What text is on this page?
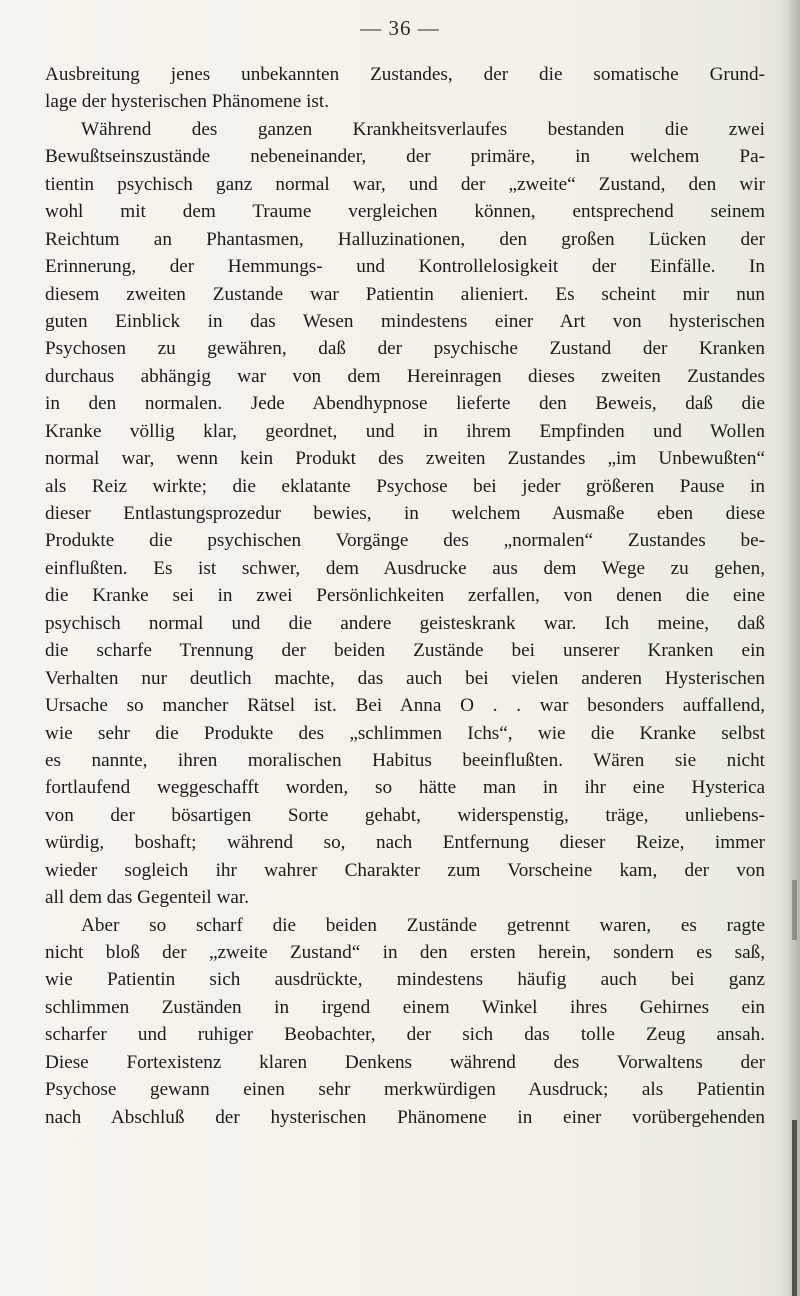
— 36 —
Ausbreitung jenes unbekannten Zustandes, der die somatische Grund-
lage der hysterischen Phänomene ist.
Während des ganzen Krankheitsverlaufes bestanden die zwei
Bewußtseinszustände nebeneinander, der primäre, in welchem Pa-
tientin psychisch ganz normal war, und der „zweite“ Zustand, den wir
wohl mit dem Traume vergleichen können, entsprechend seinem
Reichtum an Phantasmen, Halluzinationen, den großen Lücken der
Erinnerung, der Hemmungs- und Kontrollelosigkeit der Einfälle. In
diesem zweiten Zustande war Patientin alieniert. Es scheint mir nun
guten Einblick in das Wesen mindestens einer Art von hysterischen
Psychosen zu gewähren, daß der psychische Zustand der Kranken
durchaus abhängig war von dem Hereinragen dieses zweiten Zustandes
in den normalen. Jede Abendhypnose lieferte den Beweis, daß die
Kranke völlig klar, geordnet, und in ihrem Empfinden und Wollen
normal war, wenn kein Produkt des zweiten Zustandes „im Unbewußten“
als Reiz wirkte; die eklatante Psychose bei jeder größeren Pause in
dieser Entlastungsprozedur bewies, in welchem Ausmaße eben diese
Produkte die psychischen Vorgänge des „normalen“ Zustandes be-
einflußten. Es ist schwer, dem Ausdrucke aus dem Wege zu gehen,
die Kranke sei in zwei Persönlichkeiten zerfallen, von denen die eine
psychisch normal und die andere geisteskrank war. Ich meine, daß
die scharfe Trennung der beiden Zustände bei unserer Kranken ein
Verhalten nur deutlich machte, das auch bei vielen anderen Hysterischen
Ursache so mancher Rätsel ist. Bei Anna O . . war besonders auffallend,
wie sehr die Produkte des „schlimmen Ichs“, wie die Kranke selbst
es nannte, ihren moralischen Habitus beeinflußten. Wären sie nicht
fortlaufend weggeschafft worden, so hätte man in ihr eine Hysterica
von der bösartigen Sorte gehabt, widerspenstig, träge, unliebens-
würdig, boshaft; während so, nach Entfernung dieser Reize, immer
wieder sogleich ihr wahrer Charakter zum Vorscheine kam, der von
all dem das Gegenteil war.
Aber so scharf die beiden Zustände getrennt waren, es ragte
nicht bloß der „zweite Zustand“ in den ersten herein, sondern es saß,
wie Patientin sich ausdrückte, mindestens häufig auch bei ganz
schlimmen Zuständen in irgend einem Winkel ihres Gehirnes ein
scharfer und ruhiger Beobachter, der sich das tolle Zeug ansah.
Diese Fortexistenz klaren Denkens während des Vorwaltens der
Psychose gewann einen sehr merkwürdigen Ausdruck; als Patientin
nach Abschluß der hysterischen Phänomene in einer vorübergehenden
